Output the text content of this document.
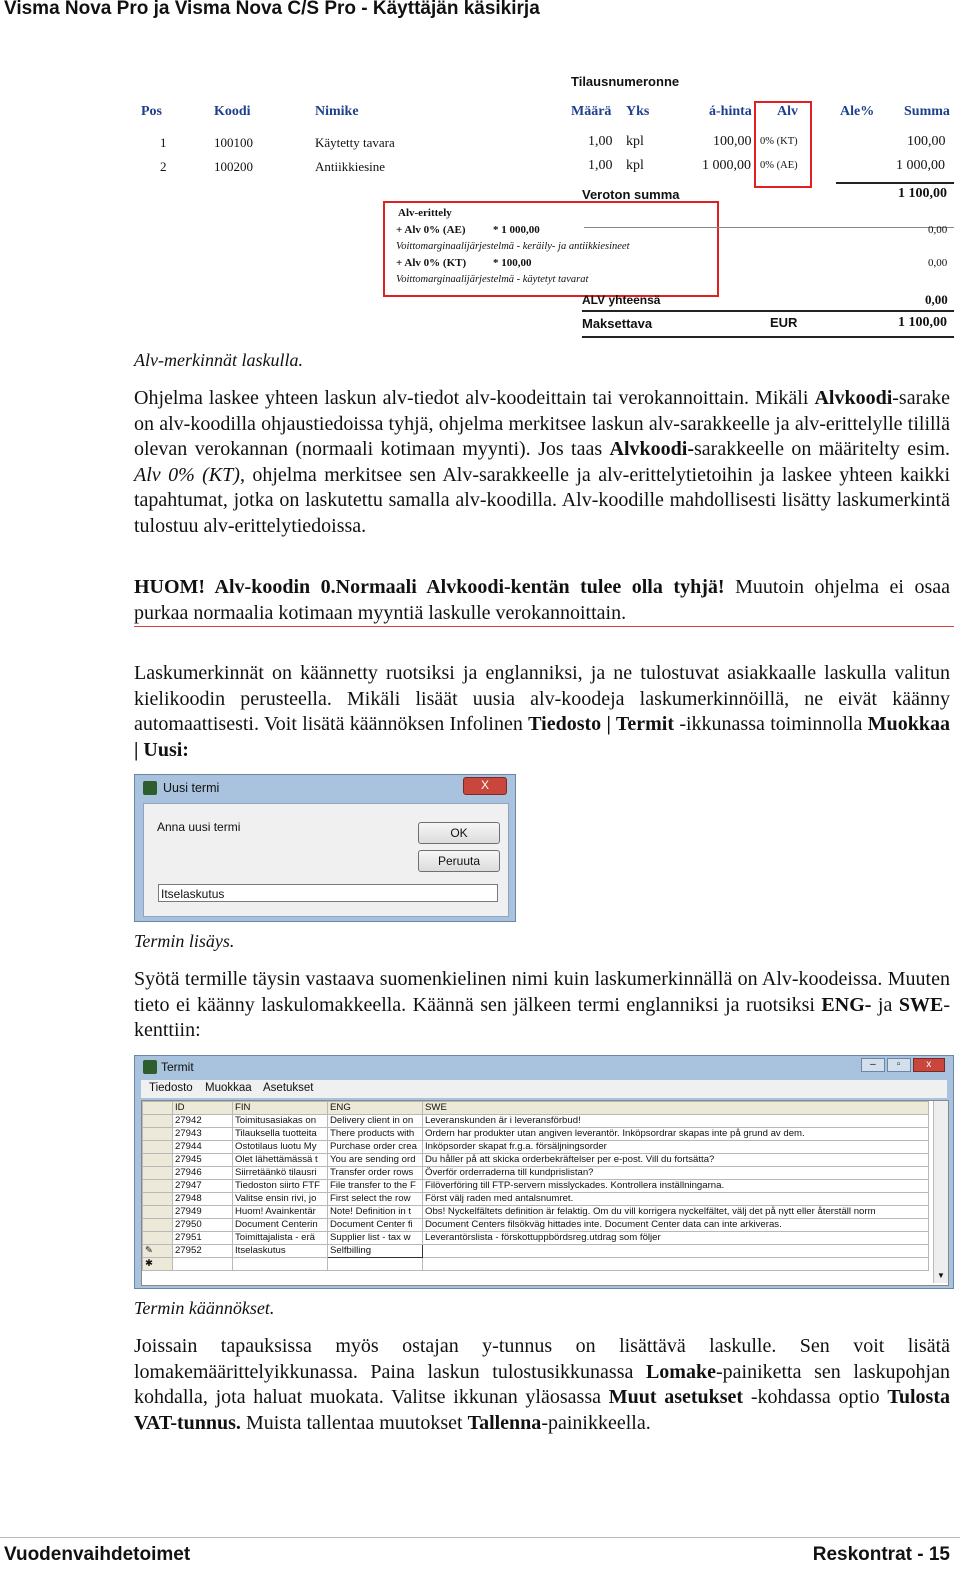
Visma Nova Pro ja Visma Nova C/S Pro - Käyttäjän käsikirja
Tilausnumeronne
Pos	Koodi	Nimike	Määrä Yks	á-hinta Alv	Ale% Summa
1	100100	Käytetty tavara	1,00 kpl	100,00 0% (KT)	100,00
2	100200	Antiikkiesine	1,00 kpl	1 000,00 0% (AE)	1 000,00
Veroton summa	1 100,00
Alv-erittely
+ Alv 0% (AE) * 1 000,00
Voittomarginaalijärjestelmä - keräily- ja antiikkiesineet
0,00
+ Alv 0% (KT) * 100,00
Voittomarginaalijärjestelmä - käytetyt tavarat
0,00
ALV yhteensä	0,00
Maksettava	EUR	1 100,00
Alv-merkinnät laskulla.
Ohjelma laskee yhteen laskun alv-tiedot alv-koodeittain tai verokannoittain. Mikäli Alvkoodi-sarake on alv-koodilla ohjaustiedoissa tyhjä, ohjelma merkitsee laskun alv-sarakkeelle ja alv-erittelylle tilillä olevan verokannan (normaali kotimaan myynti). Jos taas Alvkoodi-sarakkeelle on määritelty esim. Alv 0% (KT), ohjelma merkitsee sen Alv-sarakkeelle ja alv-erittelytietoihin ja laskee yhteen kaikki tapahtumat, jotka on laskutettu samalla alv-koodilla. Alv-koodille mahdollisesti lisätty laskumerkintä tulostuu alv-erittelytiedoissa.
HUOM! Alv-koodin 0.Normaali Alvkoodi-kentän tulee olla tyhjä! Muutoin ohjelma ei osaa purkaa normaalia kotimaan myyntiä laskulle verokannoittain.
Laskumerkinnät on käännetty ruotsiksi ja englanniksi, ja ne tulostuvat asiakkaalle laskulla valitun kielikoodin perusteella. Mikäli lisäät uusia alv-koodeja laskumerkinnöillä, ne eivät käänny automaattisesti. Voit lisätä käännöksen Infolinen Tiedosto | Termit -ikkunassa toiminnolla Muokkaa | Uusi:
Uusi termi	X
Anna uusi termi	OK
Peruuta
Itselaskutus
Termin lisäys.
Syötä termille täysin vastaava suomenkielinen nimi kuin laskumerkinnällä on Alv-koodeissa. Muuten tieto ei käänny laskulomakkeella. Käännä sen jälkeen termi englanniksi ja ruotsiksi ENG- ja SWE-kenttiin:
Termit	–	▫	x
Tiedosto Muokkaa Asetukset
	ID	FIN	ENG	SWE
	27942	Toimitusasiakas on	Delivery client in on	Leveranskunden är i leveransförbud!
	27943	Tilauksella tuotteita	There products with	Ordern har produkter utan angiven leverantör. Inköpsordrar skapas inte på grund av dem.
	27944	Ostotilaus luotu My	Purchase order crea	Inköpsorder skapat fr.g.a. försäljningsorder
	27945	Olet lähettämässä t	You are sending ord	Du håller på att skicka orderbekräftelser per e-post. Vill du fortsätta?
	27946	Siirretäänkö tilausri	Transfer order rows	Överför orderraderna till kundprislistan?
	27947	Tiedoston siirto FTF	File transfer to the F	Filöverföring till FTP-servern misslyckades. Kontrollera inställningarna.
	27948	Valitse ensin rivi, jo	First select the row	Först välj raden med antalsnumret.
	27949	Huom! Avainkentär	Note! Definition in t	Obs! Nyckelfältets definition är felaktig. Om du vill korrigera nyckelfältet, välj det på nytt eller återställ norm
	27950	Document Centerin	Document Center fi	Document Centers filsökväg hittades inte. Document Center data can inte arkiveras.
	27951	Toimittajalista - erä	Supplier list - tax w	Leverantörslista - förskottuppbördsreg.utdrag som följer
✎	27952	Itselaskutus	Selfbilling	
✱				
▼
Termin käännökset.
Joissain tapauksissa myös ostajan y-tunnus on lisättävä laskulle. Sen voit lisätä lomakemäärittelyikkunassa. Paina laskun tulostusikkunassa Lomake-painiketta sen laskupohjan kohdalla, jota haluat muokata. Valitse ikkunan yläosassa Muut asetukset -kohdassa optio Tulosta VAT-tunnus. Muista tallentaa muutokset Tallenna-painikkeella.
Vuodenvaihdetoimet	Reskontrat - 15
